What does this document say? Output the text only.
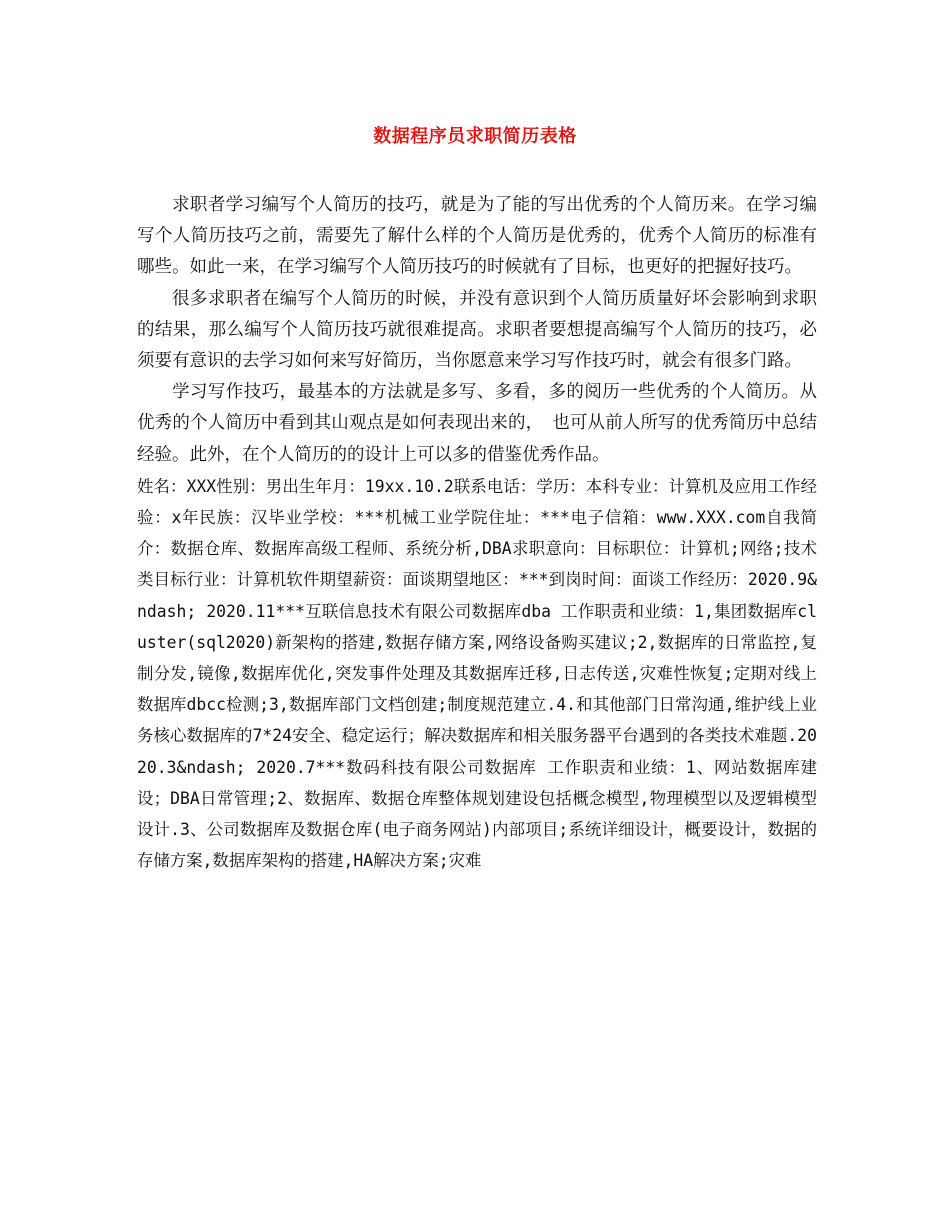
数据程序员求职简历表格

求职者学习编写个人简历的技巧，就是为了能的写出优秀的个人简历来。在学习编写个人简历技巧之前，需要先了解什么样的个人简历是优秀的，优秀个人简历的标准有哪些。如此一来，在学习编写个人简历技巧的时候就有了目标，也更好的把握好技巧。

很多求职者在编写个人简历的时候，并没有意识到个人简历质量好坏会影响到求职的结果，那么编写个人简历技巧就很难提高。求职者要想提高编写个人简历的技巧，必须要有意识的去学习如何来写好简历，当你愿意来学习写作技巧时，就会有很多门路。

学习写作技巧，最基本的方法就是多写、多看，多的阅历一些优秀的个人简历。从优秀的个人简历中看到其山观点是如何表现出来的，　也可从前人所写的优秀简历中总结经验。此外，在个人简历的的设计上可以多的借鉴优秀作品。

姓名：XXX性别：男出生年月：19xx.10.2联系电话：学历：本科专业：计算机及应用工作经验：x年民族：汉毕业学校：***机械工业学院住址：***电子信箱：www.XXX.com自我简介：数据仓库、数据库高级工程师、系统分析,DBA求职意向：目标职位：计算机;网络;技术类目标行业：计算机软件期望薪资：面谈期望地区：***到岗时间：面谈工作经历：2020.9&ndash; 2020.11***互联信息技术有限公司数据库dba 工作职责和业绩：1,集团数据库cluster(sql2020)新架构的搭建,数据存储方案,网络设备购买建议;2,数据库的日常监控,复制分发,镜像,数据库优化,突发事件处理及其数据库迁移,日志传送,灾难性恢复;定期对线上数据库dbcc检测;3,数据库部门文档创建;制度规范建立.4.和其他部门日常沟通,维护线上业务核心数据库的7*24安全、稳定运行；解决数据库和相关服务器平台遇到的各类技术难题.2020.3&ndash; 2020.7***数码科技有限公司数据库 工作职责和业绩：1、网站数据库建设；DBA日常管理;2、数据库、数据仓库整体规划建设包括概念模型,物理模型以及逻辑模型设计.3、公司数据库及数据仓库(电子商务网站)内部项目;系统详细设计，概要设计，数据的存储方案,数据库架构的搭建,HA解决方案;灾难
